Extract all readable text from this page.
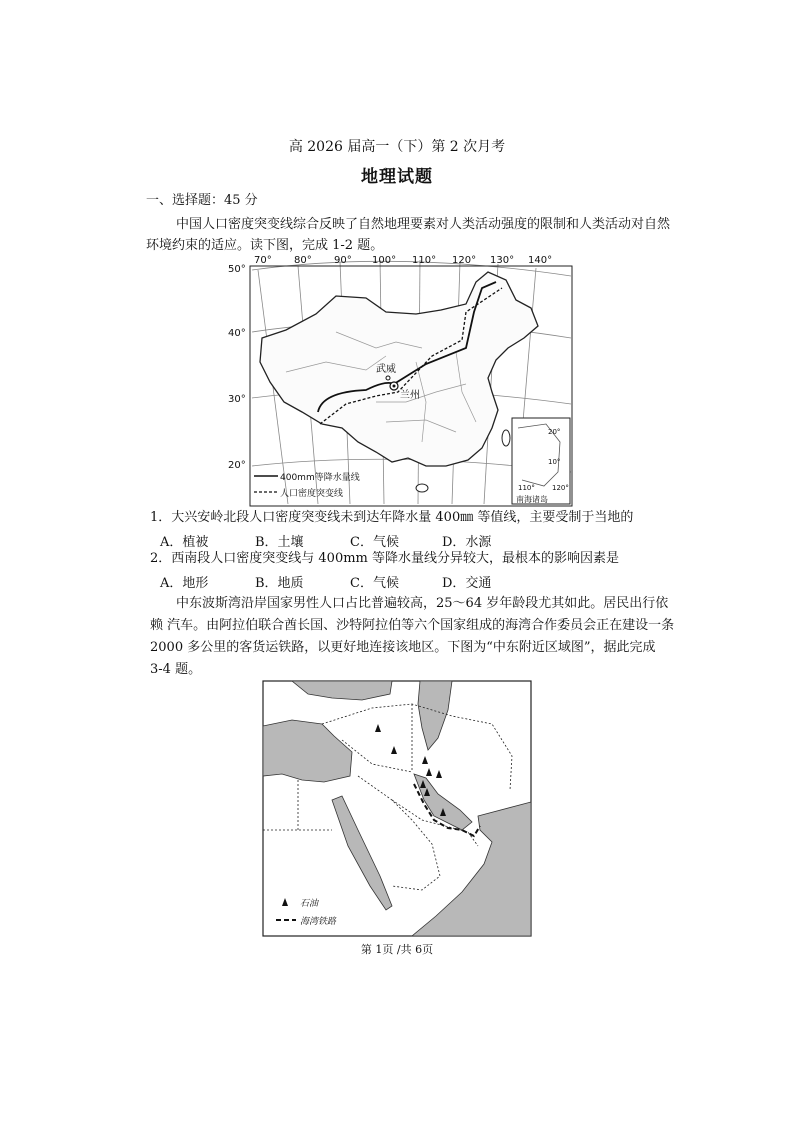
高 2026 届高一（下）第 2 次月考
地理试题
一、选择题：45 分
中国人口密度突变线综合反映了自然地理要素对人类活动强度的限制和人类活动对自然
环境约束的适应。读下图，完成 1-2 题。
武威
兰州
70° 80° 90° 100° 110° 120° 130° 140°
50°
40°
30°
20°
20°
10°
110° 120°
南海诸岛
400mm等降水量线
人口密度突变线
1．大兴安岭北段人口密度突变线未到达年降水量 400㎜ 等值线，主要受制于当地的
A．植被	B．土壤	C．气候	D．水源
2．西南段人口密度突变线与 400mm 等降水量线分异较大，最根本的影响因素是
A．地形	B．地质	C．气候	D．交通
中东波斯湾沿岸国家男性人口占比普遍较高，25～64 岁年龄段尤其如此。居民出行依
赖 汽车。由阿拉伯联合酋长国、沙特阿拉伯等六个国家组成的海湾合作委员会正在建设一条
2000 多公里的客货运铁路，以更好地连接该地区。下图为“中东附近区域图”，据此完成
3-4 题。
石油
海湾铁路
第 1页 /共 6页
